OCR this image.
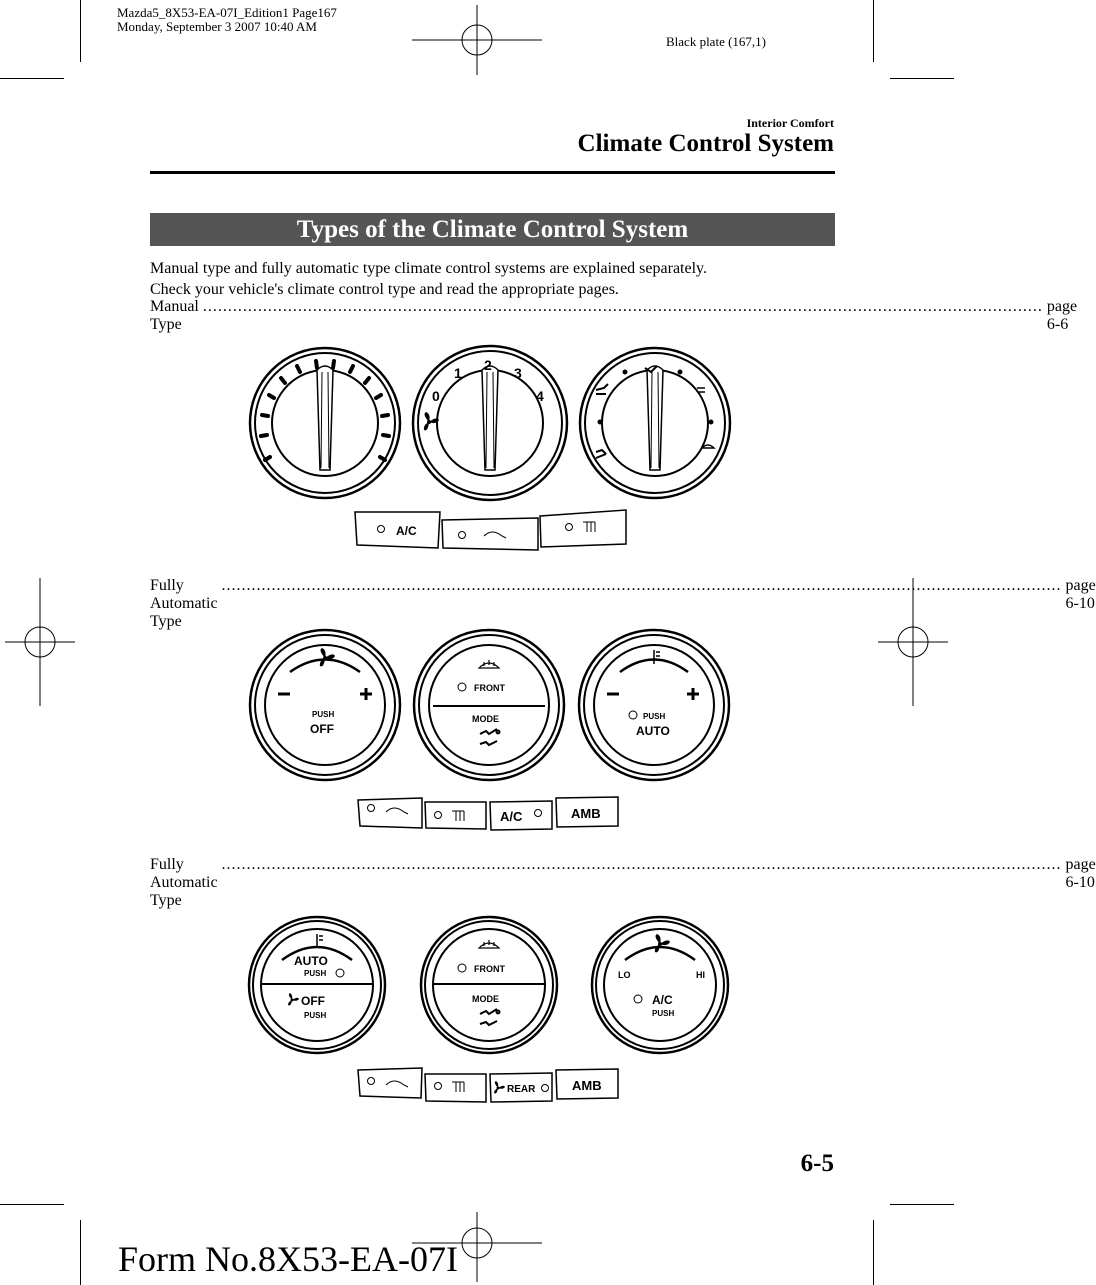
Mazda5_8X53-EA-07I_Edition1 Page167
Monday, September 3 2007 10:40 AM
Black plate (167,1)
Interior Comfort
Climate Control System
Types of the Climate Control System
Manual type and fully automatic type climate control systems are explained separately.
Check your vehicle's climate control type and read the appropriate pages.
Manual Type
........................................................................................................................................................................ page 6-6
0
1 2 3
4
A/C
Fully Automatic Type
........................................................................................................................................................................ page 6-10
PUSH
OFF
FRONT
MODE	PUSH
AUTO
A/C	AMB
Fully Automatic Type
........................................................................................................................................................................ page 6-10
AUTO
PUSH
OFF
PUSH
FRONT
MODE
LO	HI
A/C
PUSH
REAR	AMB
6-5
Form No.8X53-EA-07I
